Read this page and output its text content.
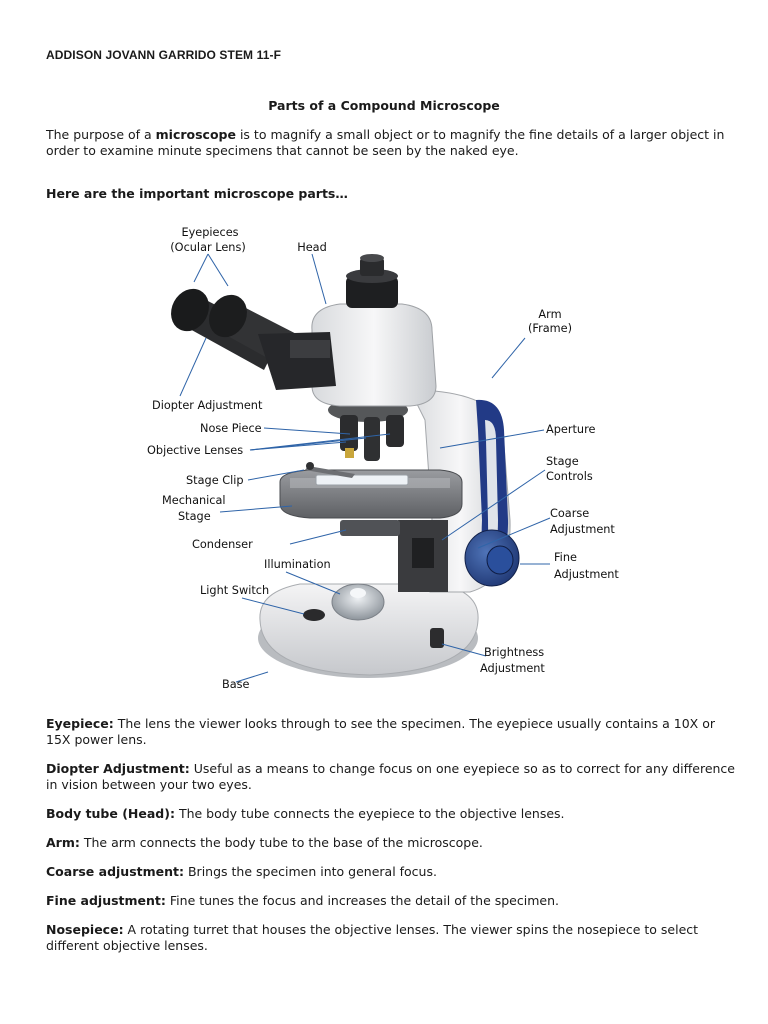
ADDISON JOVANN GARRIDO STEM 11-F
Parts of a Compound Microscope
The purpose of a microscope is to magnify a small object or to magnify the fine details of a larger object in order to examine minute specimens that cannot be seen by the naked eye.
Here are the important microscope parts…
Eyepieces
(Ocular Lens)	Head
Arm
(Frame)
Diopter Adjustment
Nose Piece
Objective Lenses
Aperture
Stage
Controls
Stage Clip
Mechanical
Stage	Coarse
Adjustment
Condenser
Fine
Adjustment
Illumination
Light Switch
Brightness
Adjustment
Base

Eyepiece: The lens the viewer looks through to see the specimen. The eyepiece usually contains a 10X or 15X power lens.

Diopter Adjustment: Useful as a means to change focus on one eyepiece so as to correct for any difference in vision between your two eyes.

Body tube (Head): The body tube connects the eyepiece to the objective lenses.

Arm: The arm connects the body tube to the base of the microscope.

Coarse adjustment: Brings the specimen into general focus.

Fine adjustment: Fine tunes the focus and increases the detail of the specimen.

Nosepiece: A rotating turret that houses the objective lenses. The viewer spins the nosepiece to select different objective lenses.
